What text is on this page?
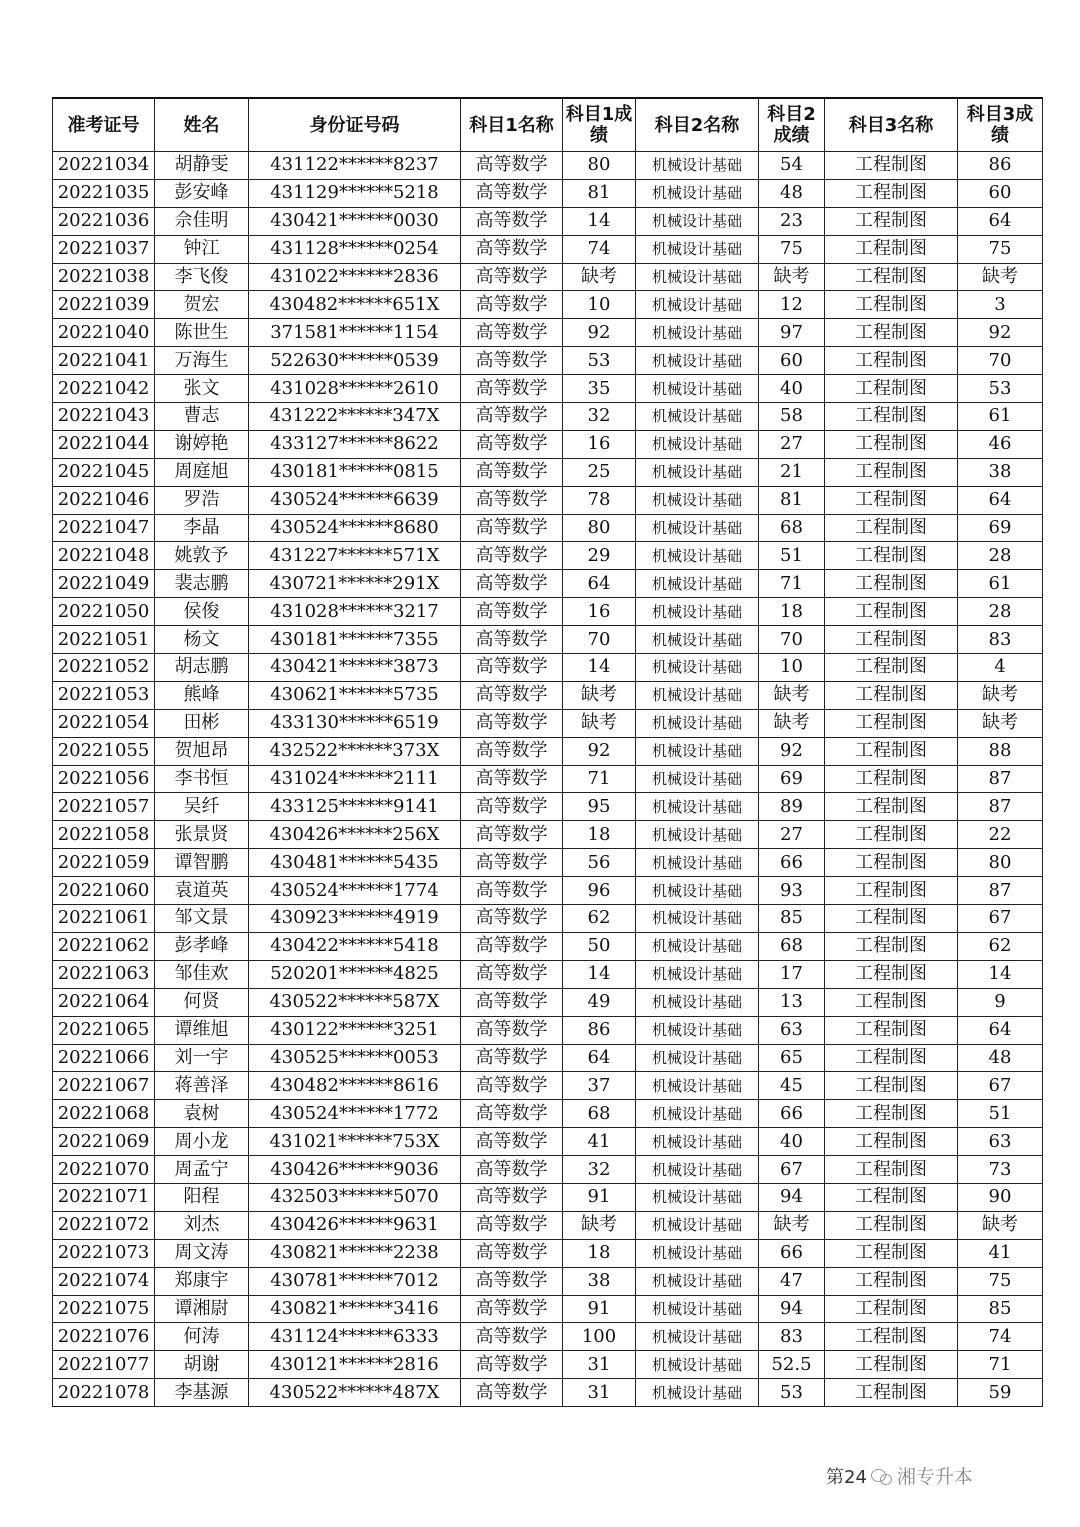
准考证号	姓名	身份证号码	科目1名称	科目1成绩	科目2名称	科目2成绩	科目3名称	科目3成绩
20221034	胡静雯	431122******8237	高等数学	80	机械设计基础	54	工程制图	86
20221035	彭安峰	431129******5218	高等数学	81	机械设计基础	48	工程制图	60
20221036	佘佳明	430421******0030	高等数学	14	机械设计基础	23	工程制图	64
20221037	钟江	431128******0254	高等数学	74	机械设计基础	75	工程制图	75
20221038	李飞俊	431022******2836	高等数学	缺考	机械设计基础	缺考	工程制图	缺考
20221039	贺宏	430482******651X	高等数学	10	机械设计基础	12	工程制图	3
20221040	陈世生	371581******1154	高等数学	92	机械设计基础	97	工程制图	92
20221041	万海生	522630******0539	高等数学	53	机械设计基础	60	工程制图	70
20221042	张文	431028******2610	高等数学	35	机械设计基础	40	工程制图	53
20221043	曹志	431222******347X	高等数学	32	机械设计基础	58	工程制图	61
20221044	谢婷艳	433127******8622	高等数学	16	机械设计基础	27	工程制图	46
20221045	周庭旭	430181******0815	高等数学	25	机械设计基础	21	工程制图	38
20221046	罗浩	430524******6639	高等数学	78	机械设计基础	81	工程制图	64
20221047	李晶	430524******8680	高等数学	80	机械设计基础	68	工程制图	69
20221048	姚敦予	431227******571X	高等数学	29	机械设计基础	51	工程制图	28
20221049	裴志鹏	430721******291X	高等数学	64	机械设计基础	71	工程制图	61
20221050	侯俊	431028******3217	高等数学	16	机械设计基础	18	工程制图	28
20221051	杨文	430181******7355	高等数学	70	机械设计基础	70	工程制图	83
20221052	胡志鹏	430421******3873	高等数学	14	机械设计基础	10	工程制图	4
20221053	熊峰	430621******5735	高等数学	缺考	机械设计基础	缺考	工程制图	缺考
20221054	田彬	433130******6519	高等数学	缺考	机械设计基础	缺考	工程制图	缺考
20221055	贺旭昂	432522******373X	高等数学	92	机械设计基础	92	工程制图	88
20221056	李书恒	431024******2111	高等数学	71	机械设计基础	69	工程制图	87
20221057	吴纤	433125******9141	高等数学	95	机械设计基础	89	工程制图	87
20221058	张景贤	430426******256X	高等数学	18	机械设计基础	27	工程制图	22
20221059	谭智鹏	430481******5435	高等数学	56	机械设计基础	66	工程制图	80
20221060	袁道英	430524******1774	高等数学	96	机械设计基础	93	工程制图	87
20221061	邹文景	430923******4919	高等数学	62	机械设计基础	85	工程制图	67
20221062	彭孝峰	430422******5418	高等数学	50	机械设计基础	68	工程制图	62
20221063	邹佳欢	520201******4825	高等数学	14	机械设计基础	17	工程制图	14
20221064	何贤	430522******587X	高等数学	49	机械设计基础	13	工程制图	9
20221065	谭维旭	430122******3251	高等数学	86	机械设计基础	63	工程制图	64
20221066	刘一宇	430525******0053	高等数学	64	机械设计基础	65	工程制图	48
20221067	蒋善泽	430482******8616	高等数学	37	机械设计基础	45	工程制图	67
20221068	袁树	430524******1772	高等数学	68	机械设计基础	66	工程制图	51
20221069	周小龙	431021******753X	高等数学	41	机械设计基础	40	工程制图	63
20221070	周孟宁	430426******9036	高等数学	32	机械设计基础	67	工程制图	73
20221071	阳程	432503******5070	高等数学	91	机械设计基础	94	工程制图	90
20221072	刘杰	430426******9631	高等数学	缺考	机械设计基础	缺考	工程制图	缺考
20221073	周文涛	430821******2238	高等数学	18	机械设计基础	66	工程制图	41
20221074	郑康宇	430781******7012	高等数学	38	机械设计基础	47	工程制图	75
20221075	谭湘尉	430821******3416	高等数学	91	机械设计基础	94	工程制图	85
20221076	何涛	431124******6333	高等数学	100	机械设计基础	83	工程制图	74
20221077	胡谢	430121******2816	高等数学	31	机械设计基础	52.5	工程制图	71
20221078	李基源	430522******487X	高等数学	31	机械设计基础	53	工程制图	59
第24 湘专升本
